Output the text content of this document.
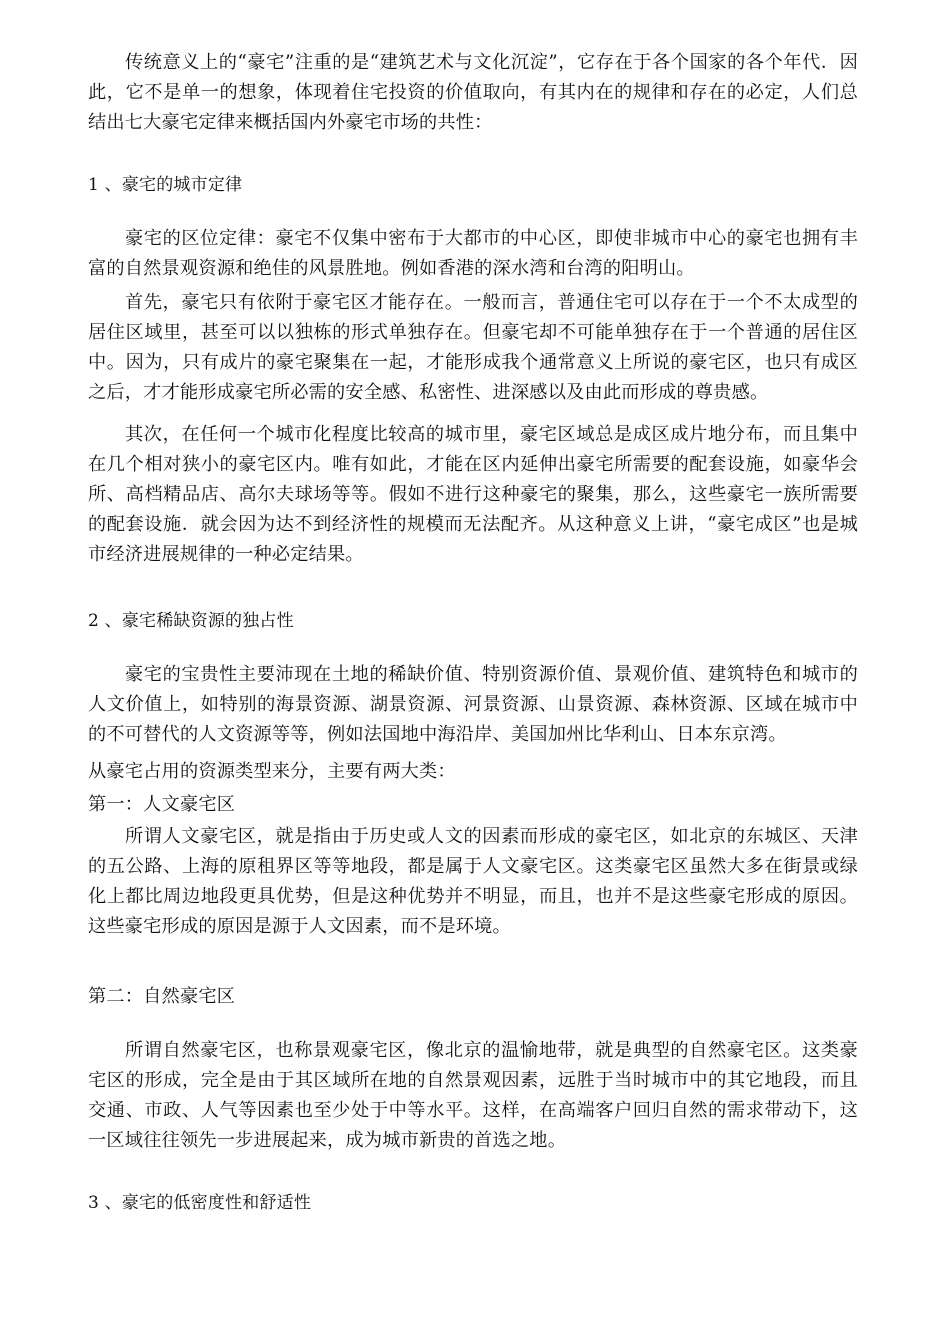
传统意义上的“豪宅”注重的是“建筑艺术与文化沉淀”，它存在于各个国家的各个年代．因此，它不是单一的想象，体现着住宅投资的价值取向，有其内在的规律和存在的必定，人们总结出七大豪宅定律来概括国内外豪宅市场的共性：

1 、豪宅的城市定律

豪宅的区位定律：豪宅不仅集中密布于大都市的中心区，即使非城市中心的豪宅也拥有丰富的自然景观资源和绝佳的风景胜地。例如香港的深水湾和台湾的阳明山。

首先，豪宅只有依附于豪宅区才能存在。一般而言，普通住宅可以存在于一个不太成型的居住区域里，甚至可以以独栋的形式单独存在。但豪宅却不可能单独存在于一个普通的居住区中。因为，只有成片的豪宅聚集在一起，才能形成我个通常意义上所说的豪宅区，也只有成区之后，才才能形成豪宅所必需的安全感、私密性、进深感以及由此而形成的尊贵感。

其次，在任何一个城市化程度比较高的城市里，豪宅区域总是成区成片地分布，而且集中在几个相对狭小的豪宅区内。唯有如此，才能在区内延伸出豪宅所需要的配套设施，如豪华会所、高档精品店、高尔夫球场等等。假如不进行这种豪宅的聚集，那么，这些豪宅一族所需要的配套设施．就会因为达不到经济性的规模而无法配齐。从这种意义上讲，“豪宅成区”也是城市经济进展规律的一种必定结果。

2 、豪宅稀缺资源的独占性

豪宅的宝贵性主要沛现在土地的稀缺价值、特别资源价值、景观价值、建筑特色和城市的人文价值上，如特别的海景资源、湖景资源、河景资源、山景资源、森林资源、区域在城市中的不可替代的人文资源等等，例如法国地中海沿岸、美国加州比华利山、日本东京湾。

从豪宅占用的资源类型来分，主要有两大类：

第一：人文豪宅区

所谓人文豪宅区，就是指由于历史或人文的因素而形成的豪宅区，如北京的东城区、天津的五公路、上海的原租界区等等地段，都是属于人文豪宅区。这类豪宅区虽然大多在街景或绿化上都比周边地段更具优势，但是这种优势并不明显，而且，也并不是这些豪宅形成的原因。这些豪宅形成的原因是源于人文因素，而不是环境。

第二：自然豪宅区

所谓自然豪宅区，也称景观豪宅区，像北京的温愉地带，就是典型的自然豪宅区。这类豪宅区的形成，完全是由于其区域所在地的自然景观因素，远胜于当时城市中的其它地段，而且交通、市政、人气等因素也至少处于中等水平。这样，在高端客户回归自然的需求带动下，这一区域往往领先一步进展起来，成为城市新贵的首选之地。

3 、豪宅的低密度性和舒适性
